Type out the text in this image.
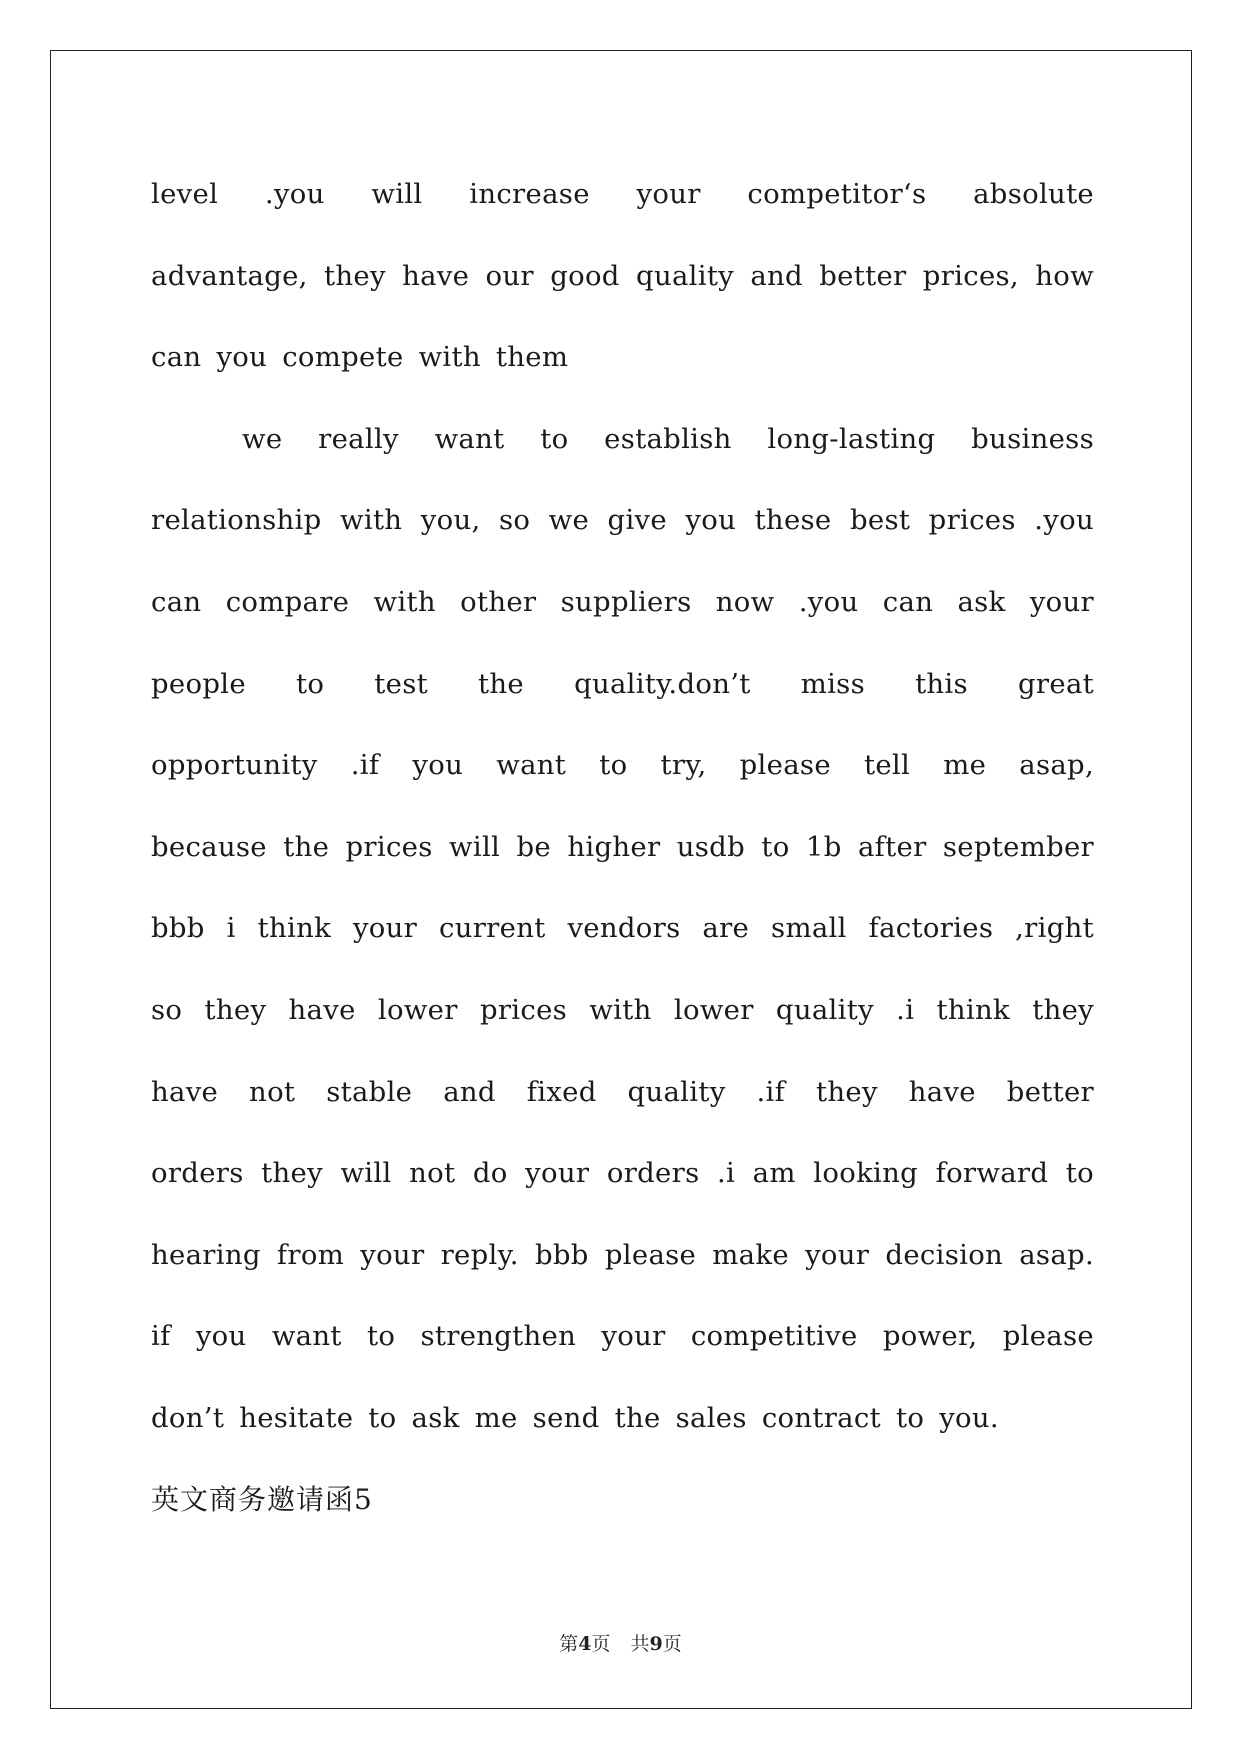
level .you will increase your competitor‘s absolute
advantage, they have our good quality and better prices, how
can you compete with them
we really want to establish long-lasting business
relationship with you, so we give you these best prices .you
can compare with other suppliers now .you can ask your
people to test the quality.don’t miss this great
opportunity .if you want to try, please tell me asap,
because the prices will be higher usdb to 1b after september
bbb i think your current vendors are small factories ,right
so they have lower prices with lower quality .i think they
have not stable and fixed quality .if they have better
orders they will not do your orders .i am looking forward to
hearing from your reply. bbb please make your decision asap.
if you want to strengthen your competitive power, please
don’t hesitate to ask me send the sales contract to you.
英文商务邀请函5
第4页 共9页
